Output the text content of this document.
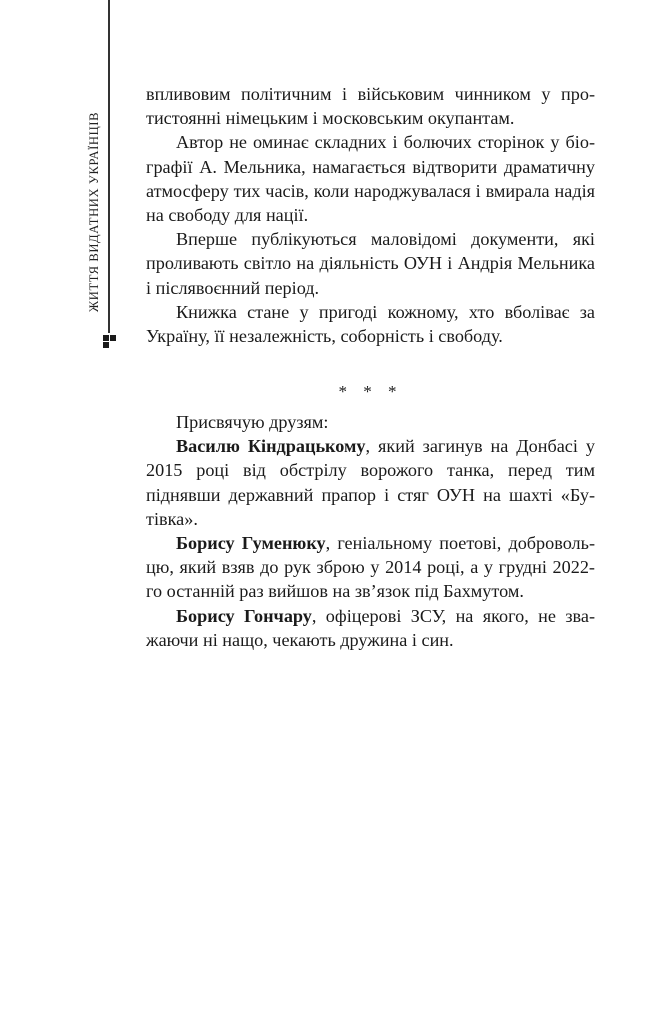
ЖИТТЯ ВИДАТНИХ УКРАЇНЦІВ

впливовим політичним і військовим чинником у протистоянні німецьким і московським окупантам.

Автор не оминає складних і болючих сторінок у біографії А. Мельника, намагається відтворити драматичну атмосферу тих часів, коли народжувалася і вмирала надія на свободу для нації.

Вперше публікуються маловідомі документи, які проливають світло на діяльність ОУН і Андрія Мельника і післявоєнний період.

Книжка стане у пригоді кожному, хто вболіває за Україну, її незалежність, соборність і свободу.

* * *

Присвячую друзям:

Василю Кіндрацькому, який загинув на Донбасі у 2015 році від обстрілу ворожого танка, перед тим піднявши державний прапор і стяг ОУН на шахті «Бутівка».

Борису Гуменюку, геніальному поетові, добровольцю, який взяв до рук зброю у 2014 році, а у грудні 2022-го останній раз вийшов на зв’язок під Бахмутом.

Борису Гончару, офіцерові ЗСУ, на якого, не зважаючи ні нащо, чекають дружина і син.
